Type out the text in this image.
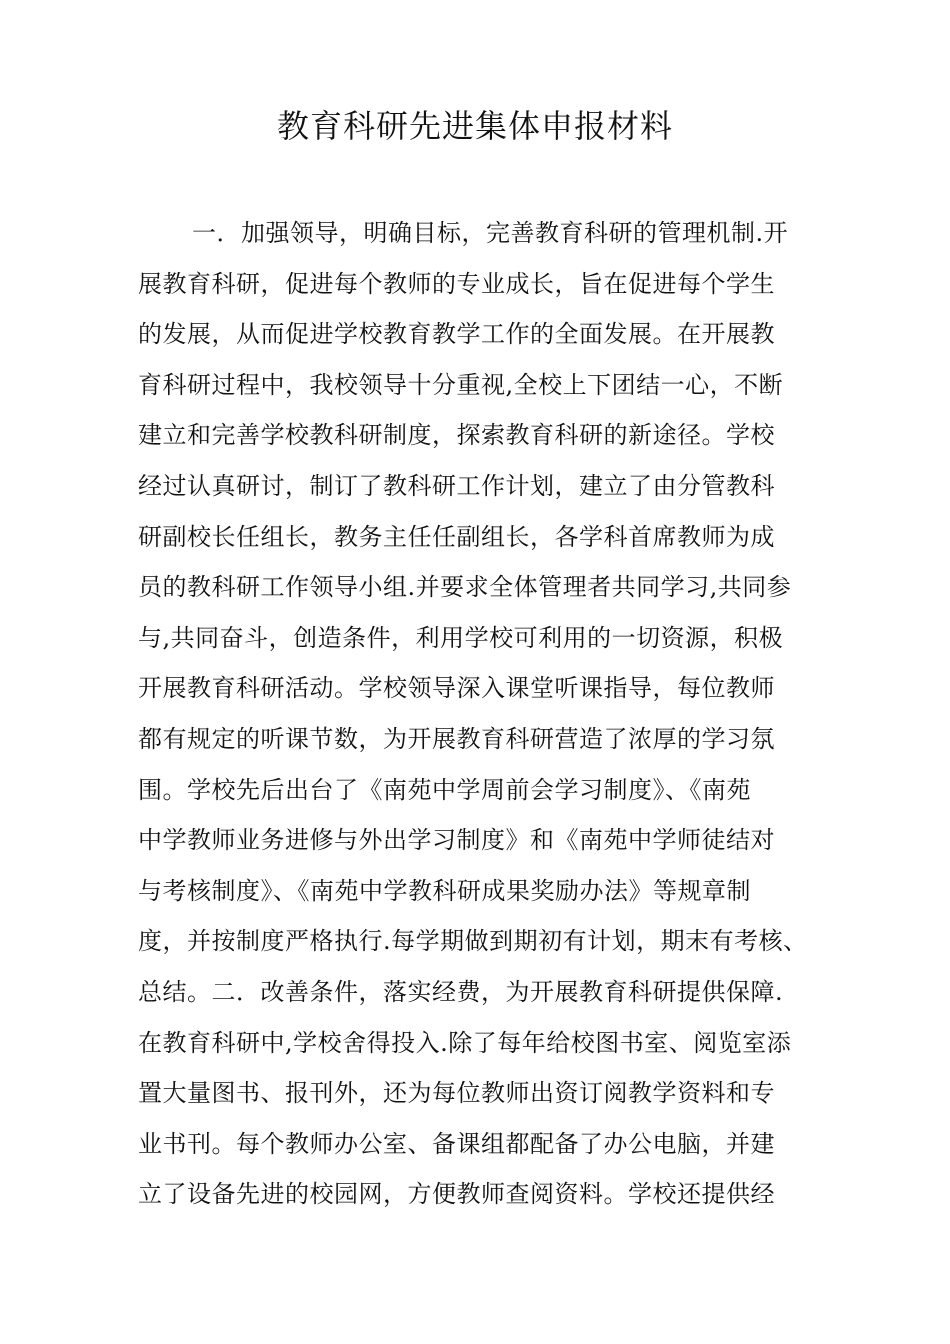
教育科研先进集体申报材料
一．加强领导，明确目标，完善教育科研的管理机制.开
展教育科研，促进每个教师的专业成长，旨在促进每个学生
的发展，从而促进学校教育教学工作的全面发展。在开展教
育科研过程中，我校领导十分重视,全校上下团结一心，不断
建立和完善学校教科研制度，探索教育科研的新途径。学校
经过认真研讨，制订了教科研工作计划，建立了由分管教科
研副校长任组长，教务主任任副组长，各学科首席教师为成
员的教科研工作领导小组.并要求全体管理者共同学习,共同参
与,共同奋斗，创造条件，利用学校可利用的一切资源，积极
开展教育科研活动。学校领导深入课堂听课指导，每位教师
都有规定的听课节数，为开展教育科研营造了浓厚的学习氛
围。学校先后出台了《南苑中学周前会学习制度》、《南苑
中学教师业务进修与外出学习制度》和《南苑中学师徒结对
与考核制度》、《南苑中学教科研成果奖励办法》等规章制
度，并按制度严格执行.每学期做到期初有计划，期末有考核、
总结。二．改善条件，落实经费，为开展教育科研提供保障.
在教育科研中,学校舍得投入.除了每年给校图书室、阅览室添
置大量图书、报刊外，还为每位教师出资订阅教学资料和专
业书刊。每个教师办公室、备课组都配备了办公电脑，并建
立了设备先进的校园网，方便教师查阅资料。学校还提供经
